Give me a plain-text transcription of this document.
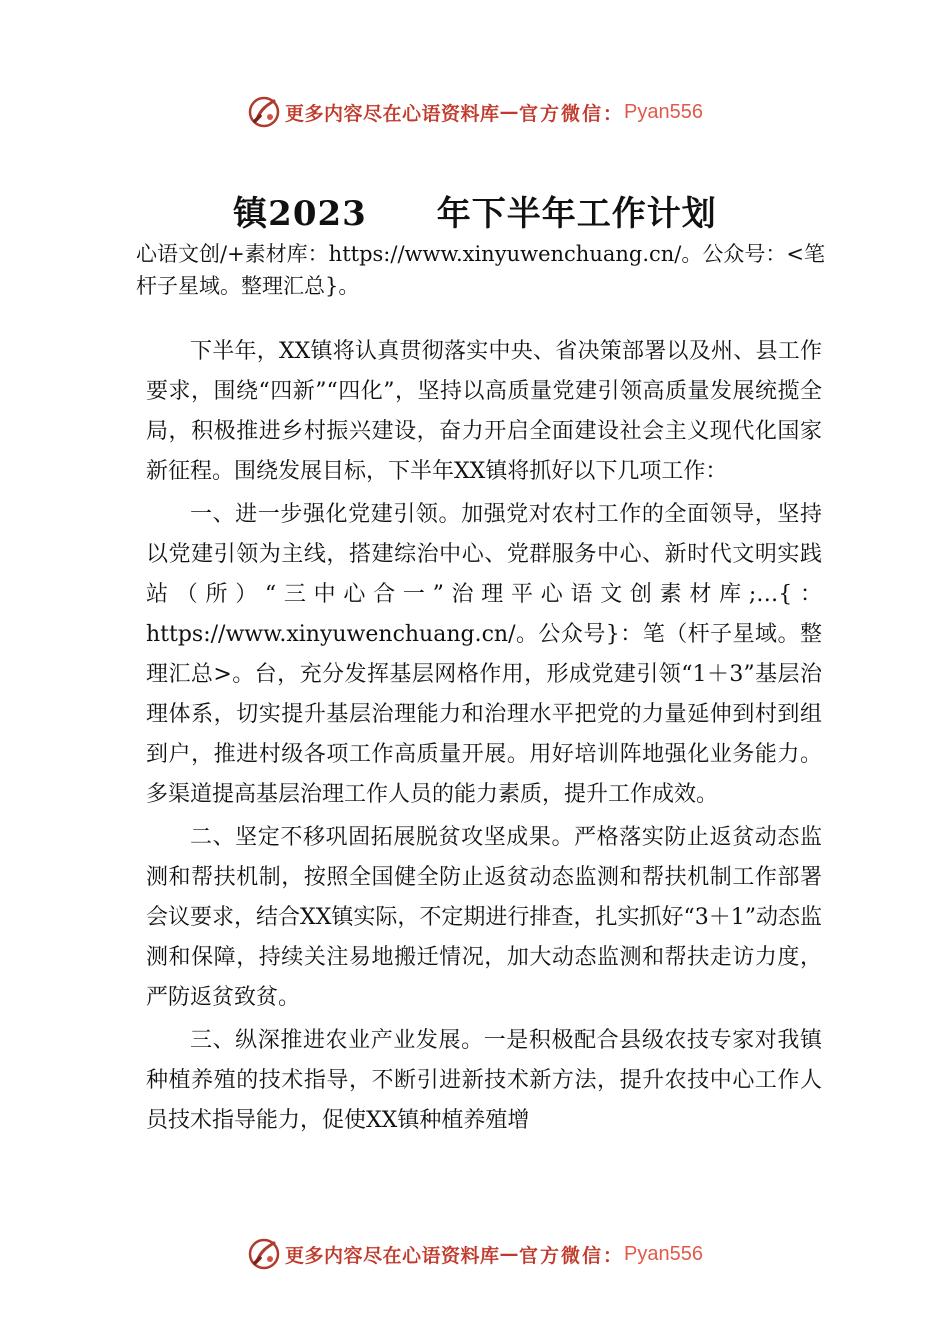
更多内容尽在心语资料库 — 官方微信： Pyan556
镇2023　　年下半年工作计划
心语文创/+素材库：https://www.xinyuwenchuang.cn/。公众号：<笔杆子星域。整理汇总}。

下半年，XX镇将认真贯彻落实中央、省决策部署以及州、县工作要求，围绕“四新”“四化”，坚持以高质量党建引领高质量发展统揽全局，积极推进乡村振兴建设，奋力开启全面建设社会主义现代化国家新征程。围绕发展目标，下半年XX镇将抓好以下几项工作：

一、进一步强化党建引领。加强党对农村工作的全面领导，坚持以党建引领为主线，搭建综治中心、党群服务中心、新时代文明实践站（所）“三中心合一”治理平心语文创素材库;…{：https://www.xinyuwenchuang.cn/。公众号}：笔（杆子星域。整理汇总>。台，充分发挥基层网格作用，形成党建引领“1＋3”基层治理体系，切实提升基层治理能力和治理水平把党的力量延伸到村到组到户，推进村级各项工作高质量开展。用好培训阵地强化业务能力。多渠道提高基层治理工作人员的能力素质，提升工作成效。

二、坚定不移巩固拓展脱贫攻坚成果。严格落实防止返贫动态监测和帮扶机制，按照全国健全防止返贫动态监测和帮扶机制工作部署会议要求，结合XX镇实际，不定期进行排查，扎实抓好“3＋1”动态监测和保障，持续关注易地搬迁情况，加大动态监测和帮扶走访力度，严防返贫致贫。

三、纵深推进农业产业发展。一是积极配合县级农技专家对我镇种植养殖的技术指导，不断引进新技术新方法，提升农技中心工作人员技术指导能力，促使XX镇种植养殖增

更多内容尽在心语资料库 — 官方微信： Pyan556
